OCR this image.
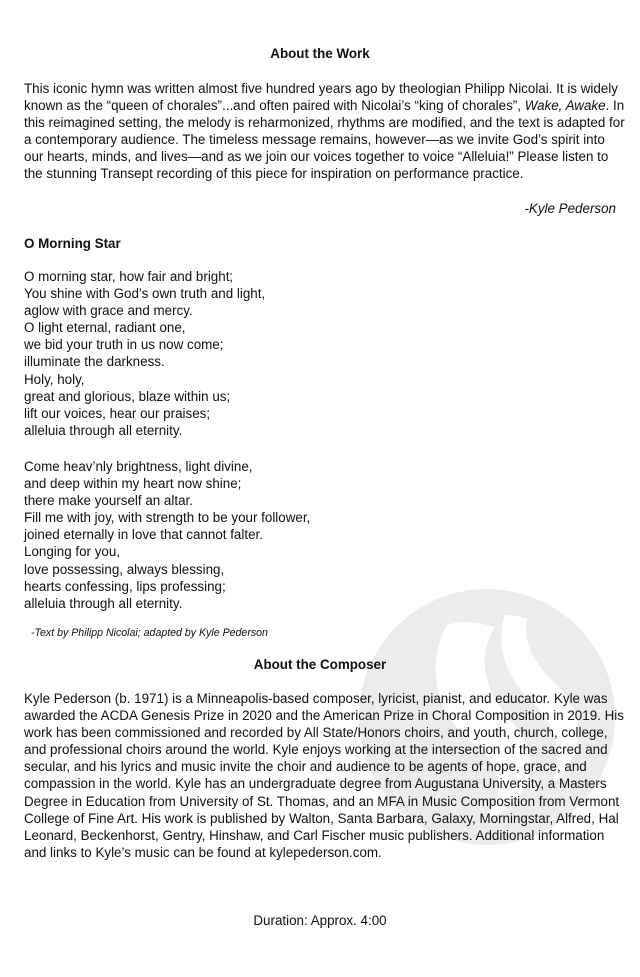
About the Work

This iconic hymn was written almost five hundred years ago by theologian Philipp Nicolai. It is widely known as the “queen of chorales”...and often paired with Nicolai’s “king of chorales”, Wake, Awake. In this reimagined setting, the melody is reharmonized, rhythms are modified, and the text is adapted for a contemporary audience. The timeless message remains, however—as we invite God’s spirit into our hearts, minds, and lives—and as we join our voices together to voice “Alleluia!” Please listen to the stunning Transept recording of this piece for inspiration on performance practice.

-Kyle Pederson
O Morning Star
O morning star, how fair and bright;
You shine with God’s own truth and light,
aglow with grace and mercy.
O light eternal, radiant one,
we bid your truth in us now come;
illuminate the darkness.
Holy, holy,
great and glorious, blaze within us;
lift our voices, hear our praises;
alleluia through all eternity.
Come heav’nly brightness, light divine,
and deep within my heart now shine;
there make yourself an altar.
Fill me with joy, with strength to be your follower,
joined eternally in love that cannot falter.
Longing for you,
love possessing, always blessing,
hearts confessing, lips professing;
alleluia through all eternity.
-Text by Philipp Nicolai; adapted by Kyle Pederson
About the Composer

Kyle Pederson (b. 1971) is a Minneapolis-based composer, lyricist, pianist, and educator. Kyle was awarded the ACDA Genesis Prize in 2020 and the American Prize in Choral Composition in 2019. His work has been commissioned and recorded by All State/Honors choirs, and youth, church, college, and professional choirs around the world. Kyle enjoys working at the intersection of the sacred and secular, and his lyrics and music invite the choir and audience to be agents of hope, grace, and compassion in the world. Kyle has an undergraduate degree from Augustana University, a Masters Degree in Education from University of St. Thomas, and an MFA in Music Composition from Vermont College of Fine Art. His work is published by Walton, Santa Barbara, Galaxy, Morningstar, Alfred, Hal Leonard, Beckenhorst, Gentry, Hinshaw, and Carl Fischer music publishers. Additional information and links to Kyle’s music can be found at kylepederson.com.

Duration: Approx. 4:00
